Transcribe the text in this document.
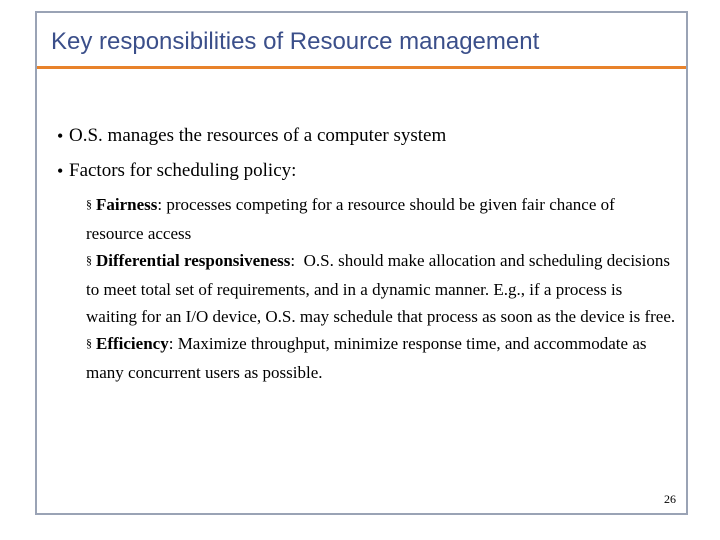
Key responsibilities of Resource management
• O.S. manages the resources of a computer system
• Factors for scheduling policy:

§ Fairness: processes competing for a resource should be given fair chance of resource access

§ Differential responsiveness:  O.S. should make allocation and scheduling decisions to meet total set of requirements, and in a dynamic manner. E.g., if a process is waiting for an I/O device, O.S. may schedule that process as soon as the device is free.

§ Efficiency: Maximize throughput, minimize response time, and accommodate as many concurrent users as possible.

26
